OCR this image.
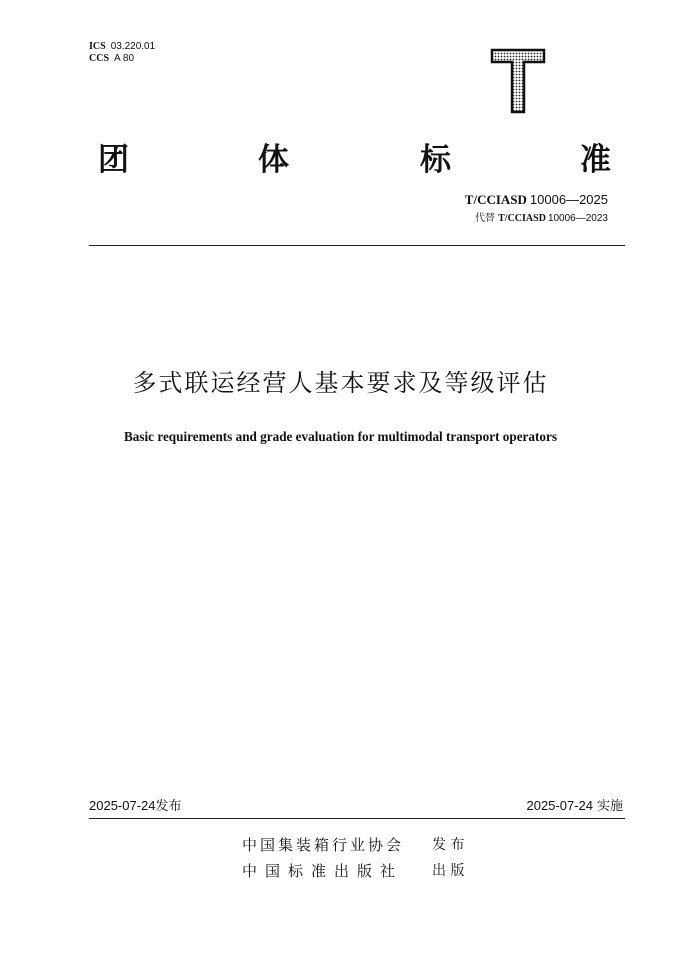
ICS 03.220.01
CCS A 80
团	体	标	准
T/CCIASD 10006—2025
代替 T/CCIASD 10006—2023
多式联运经营人基本要求及等级评估
Basic requirements and grade evaluation for multimodal transport operators
2025-07-24发布	2025-07-24 实施
中国集装箱行业协会 发 布
中国标准出版社 出 版
